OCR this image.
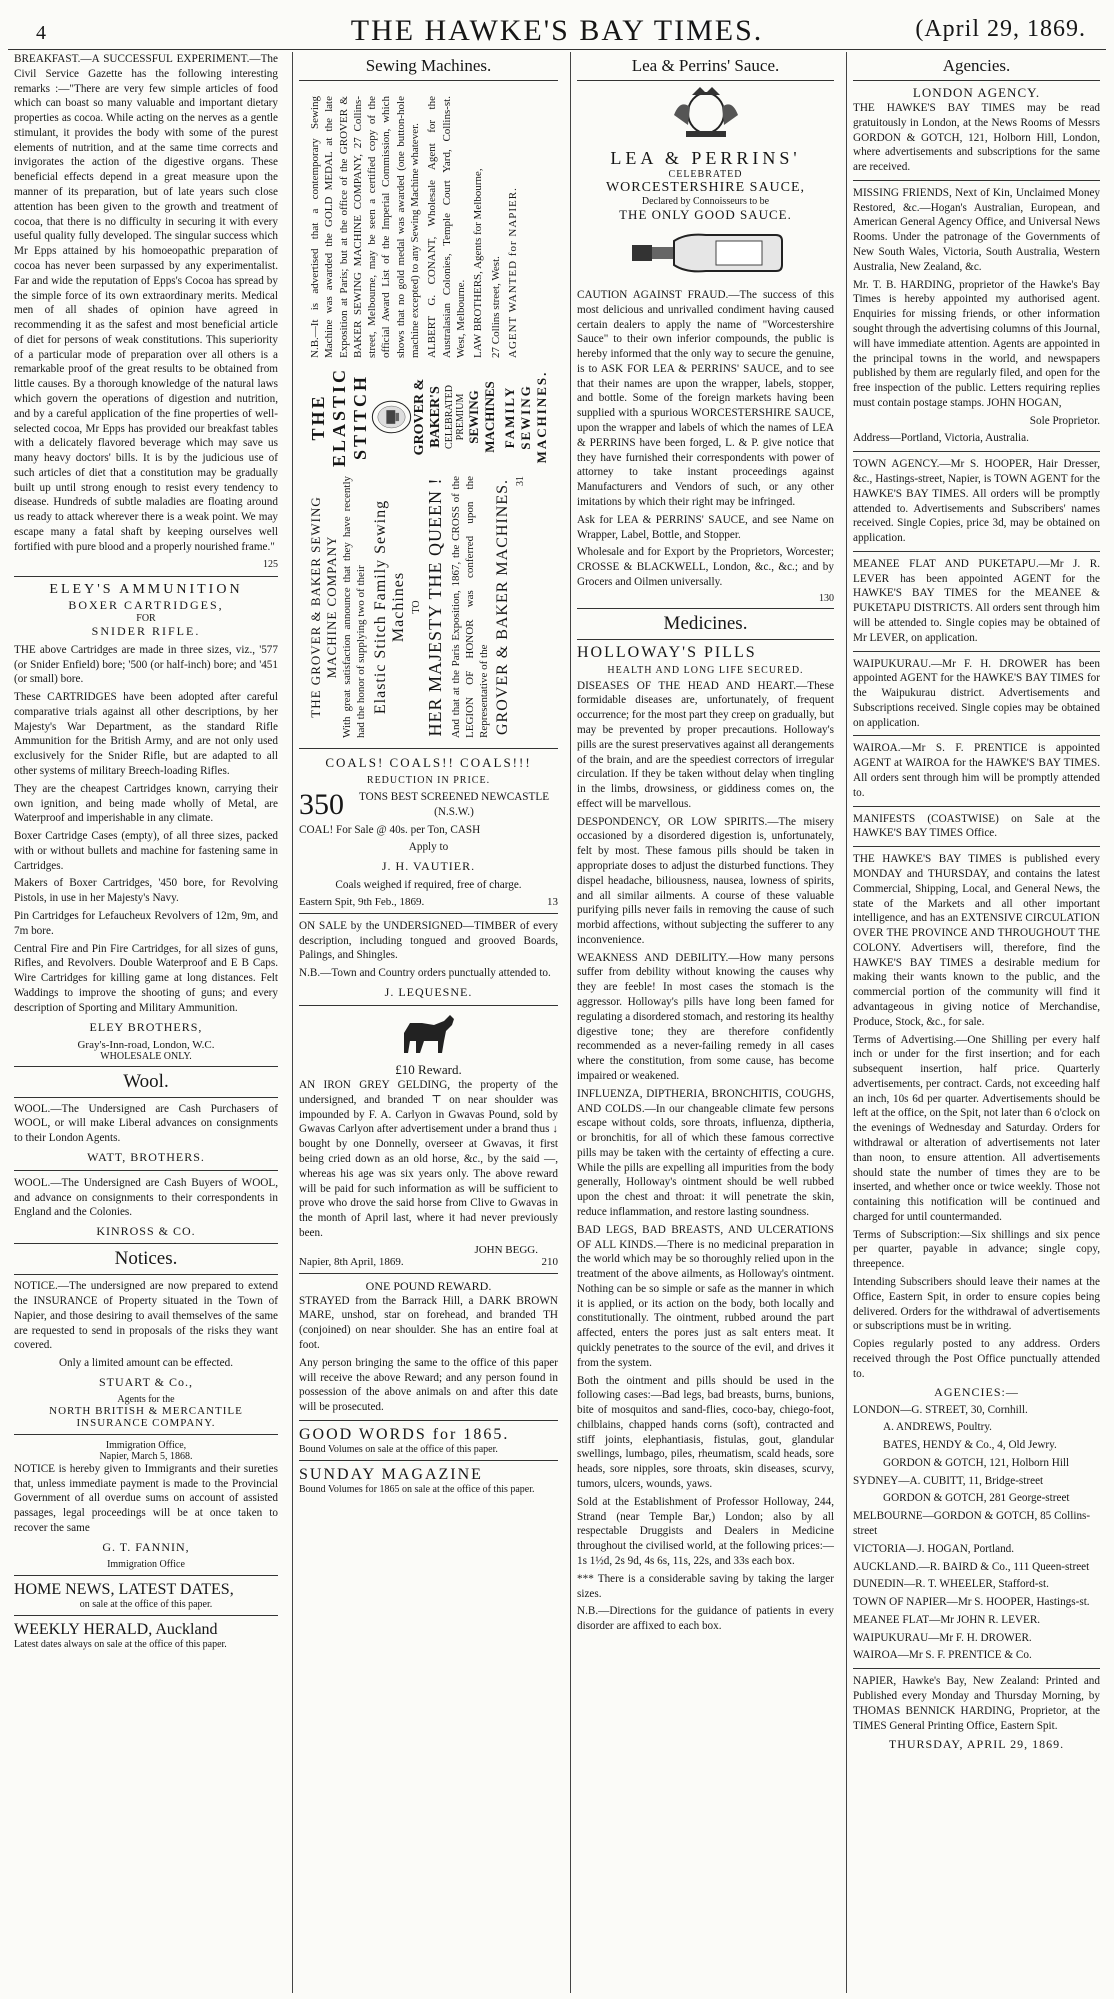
4	THE HAWKE'S BAY TIMES.	(April 29, 1869.

BREAKFAST.—A SUCCESSFUL EXPERIMENT.—The Civil Service Gazette has the following interesting remarks :—"There are very few simple articles of food which can boast so many valuable and important dietary properties as cocoa. While acting on the nerves as a gentle stimulant, it provides the body with some of the purest elements of nutrition, and at the same time corrects and invigorates the action of the digestive organs. These beneficial effects depend in a great measure upon the manner of its preparation, but of late years such close attention has been given to the growth and treatment of cocoa, that there is no difficulty in securing it with every useful quality fully developed. The singular success which Mr Epps attained by his homoeopathic preparation of cocoa has never been surpassed by any experimentalist. Far and wide the reputation of Epps's Cocoa has spread by the simple force of its own extraordinary merits. Medical men of all shades of opinion have agreed in recommending it as the safest and most beneficial article of diet for persons of weak constitutions. This superiority of a particular mode of preparation over all others is a remarkable proof of the great results to be obtained from little causes. By a thorough knowledge of the natural laws which govern the operations of digestion and nutrition, and by a careful application of the fine properties of well-selected cocoa, Mr Epps has provided our breakfast tables with a delicately flavored beverage which may save us many heavy doctors' bills. It is by the judicious use of such articles of diet that a constitution may be gradually built up until strong enough to resist every tendency to disease. Hundreds of subtle maladies are floating around us ready to attack wherever there is a weak point. We may escape many a fatal shaft by keeping ourselves well fortified with pure blood and a properly nourished frame."

125

ELEY'S AMMUNITION
BOXER CARTRIDGES,
FOR
SNIDER RIFLE.

THE above Cartridges are made in three sizes, viz., '577 (or Snider Enfield) bore; '500 (or half-inch) bore; and '451 (or small) bore.

These CARTRIDGES have been adopted after careful comparative trials against all other descriptions, by her Majesty's War Department, as the standard Rifle Ammunition for the British Army, and are not only used exclusively for the Snider Rifle, but are adapted to all other systems of military Breech-loading Rifles.

They are the cheapest Cartridges known, carrying their own ignition, and being made wholly of Metal, are Waterproof and imperishable in any climate.

Boxer Cartridge Cases (empty), of all three sizes, packed with or without bullets and machine for fastening same in Cartridges.

Makers of Boxer Cartridges, '450 bore, for Revolving Pistols, in use in her Majesty's Navy.

Pin Cartridges for Lefaucheux Revolvers of 12m, 9m, and 7m bore.

Central Fire and Pin Fire Cartridges, for all sizes of guns, Rifles, and Revolvers. Double Waterproof and E B Caps. Wire Cartridges for killing game at long distances. Felt Waddings to improve the shooting of guns; and every description of Sporting and Military Ammunition.

ELEY BROTHERS,
Gray's-Inn-road, London, W.C.
WHOLESALE ONLY.
Wool.

WOOL.—The Undersigned are Cash Purchasers of WOOL, or will make Liberal advances on consignments to their London Agents.

WATT, BROTHERS.

WOOL.—The Undersigned are Cash Buyers of WOOL, and advance on consignments to their correspondents in England and the Colonies.

KINROSS & CO.
Notices.

NOTICE.—The undersigned are now prepared to extend the INSURANCE of Property situated in the Town of Napier, and those desiring to avail themselves of the same are requested to send in proposals of the risks they want covered.

Only a limited amount can be effected.

STUART & Co.,
Agents for the
NORTH BRITISH & MERCANTILE INSURANCE COMPANY.
Immigration Office,
Napier, March 5, 1868.

NOTICE is hereby given to Immigrants and their sureties that, unless immediate payment is made to the Provincial Government of all overdue sums on account of assisted passages, legal proceedings will be at once taken to recover the same

G. T. FANNIN,
Immigration Office
HOME NEWS, LATEST DATES,
on sale at the office of this paper.
WEEKLY HERALD, Auckland
Latest dates always on sale at the office of this paper.
Sewing Machines.
THE GROVER & BAKER SEWING MACHINE COMPANY With great satisfaction announce that they have recently had the honor of supplying two of their Elastic Stitch Family Sewing Machines TO HER MAJESTY THE QUEEN ! And that at the Paris Exposition, 1867, the CROSS of the LEGION OF HONOR was conferred upon the Representative of the GROVER & BAKER MACHINES. 31
THE ELASTIC STITCH	GROVER & BAKER'S CELEBRATED PREMIUM SEWING MACHINES FAMILY SEWING MACHINES.

N.B.—It is advertised that a contemporary Sewing Machine was awarded the GOLD MEDAL at the late Exposition at Paris; but at the office of the GROVER & BAKER SEWING MACHINE COMPANY, 27 Collins-street, Melbourne, may be seen a certified copy of the official Award List of the Imperial Commission, which shows that no gold medal was awarded (one button-hole machine excepted) to any Sewing Machine whatever. ALBERT G. CONANT, Wholesale Agent for the Australasian Colonies, Temple Court Yard, Collins-st. West, Melbourne. LAW BROTHERS, Agents for Melbourne, 27 Collins street, West. AGENT WANTED for NAPIER.

COALS! COALS!! COALS!!!
REDUCTION IN PRICE.
350	TONS BEST SCREENED NEWCASTLE (N.S.W.)

COAL! For Sale @ 40s. per Ton, CASH

Apply to

J. H. VAUTIER.

Coals weighed if required, free of charge.

Eastern Spit, 9th Feb., 1869.	13

ON SALE by the UNDERSIGNED—TIMBER of every description, including tongued and grooved Boards, Palings, and Shingles.

N.B.—Town and Country orders punctually attended to.

J. LEQUESNE.
£10 Reward.

AN IRON GREY GELDING, the property of the undersigned, and branded ⊤ on near shoulder was impounded by F. A. Carlyon in Gwavas Pound, sold by Gwavas Carlyon after advertisement under a brand thus ↓ bought by one Donnelly, overseer at Gwavas, it first being cried down as an old horse, &c., by the said —, whereas his age was six years only. The above reward will be paid for such information as will be sufficient to prove who drove the said horse from Clive to Gwavas in the month of April last, where it had never previously been.

JOHN BEGG.
Napier, 8th April, 1869.	210
ONE POUND REWARD.

STRAYED from the Barrack Hill, a DARK BROWN MARE, unshod, star on forehead, and branded TH (conjoined) on near shoulder. She has an entire foal at foot.

Any person bringing the same to the office of this paper will receive the above Reward; and any person found in possession of the above animals on and after this date will be prosecuted.

GOOD WORDS for 1865.
Bound Volumes on sale at the office of this paper.
SUNDAY MAGAZINE
Bound Volumes for 1865 on sale at the office of this paper.
Lea & Perrins' Sauce.
LEA & PERRINS'
CELEBRATED
WORCESTERSHIRE SAUCE,
Declared by Connoisseurs to be
THE ONLY GOOD SAUCE.

CAUTION AGAINST FRAUD.—The success of this most delicious and unrivalled condiment having caused certain dealers to apply the name of "Worcestershire Sauce" to their own inferior compounds, the public is hereby informed that the only way to secure the genuine, is to ASK FOR LEA & PERRINS' SAUCE, and to see that their names are upon the wrapper, labels, stopper, and bottle. Some of the foreign markets having been supplied with a spurious WORCESTERSHIRE SAUCE, upon the wrapper and labels of which the names of LEA & PERRINS have been forged, L. & P. give notice that they have furnished their correspondents with power of attorney to take instant proceedings against Manufacturers and Vendors of such, or any other imitations by which their right may be infringed.

Ask for LEA & PERRINS' SAUCE, and see Name on Wrapper, Label, Bottle, and Stopper.

Wholesale and for Export by the Proprietors, Worcester; CROSSE & BLACKWELL, London, &c., &c.; and by Grocers and Oilmen universally.

130
Medicines.
HOLLOWAY'S PILLS
HEALTH AND LONG LIFE SECURED.

DISEASES OF THE HEAD AND HEART.—These formidable diseases are, unfortunately, of frequent occurrence; for the most part they creep on gradually, but may be prevented by proper precautions. Holloway's pills are the surest preservatives against all derangements of the brain, and are the speediest correctors of irregular circulation. If they be taken without delay when tingling in the limbs, drowsiness, or giddiness comes on, the effect will be marvellous.

DESPONDENCY, OR LOW SPIRITS.—The misery occasioned by a disordered digestion is, unfortunately, felt by most. These famous pills should be taken in appropriate doses to adjust the disturbed functions. They dispel headache, biliousness, nausea, lowness of spirits, and all similar ailments. A course of these valuable purifying pills never fails in removing the cause of such morbid affections, without subjecting the sufferer to any inconvenience.

WEAKNESS AND DEBILITY.—How many persons suffer from debility without knowing the causes why they are feeble! In most cases the stomach is the aggressor. Holloway's pills have long been famed for regulating a disordered stomach, and restoring its healthy digestive tone; they are therefore confidently recommended as a never-failing remedy in all cases where the constitution, from some cause, has become impaired or weakened.

INFLUENZA, DIPTHERIA, BRONCHITIS, COUGHS, AND COLDS.—In our changeable climate few persons escape without colds, sore throats, influenza, diptheria, or bronchitis, for all of which these famous corrective pills may be taken with the certainty of effecting a cure. While the pills are expelling all impurities from the body generally, Holloway's ointment should be well rubbed upon the chest and throat: it will penetrate the skin, reduce inflammation, and restore lasting soundness.

BAD LEGS, BAD BREASTS, AND ULCERATIONS OF ALL KINDS.—There is no medicinal preparation in the world which may be so thoroughly relied upon in the treatment of the above ailments, as Holloway's ointment. Nothing can be so simple or safe as the manner in which it is applied, or its action on the body, both locally and constitutionally. The ointment, rubbed around the part affected, enters the pores just as salt enters meat. It quickly penetrates to the source of the evil, and drives it from the system.

Both the ointment and pills should be used in the following cases:—Bad legs, bad breasts, burns, bunions, bite of mosquitos and sand-flies, coco-bay, chiego-foot, chilblains, chapped hands corns (soft), contracted and stiff joints, elephantiasis, fistulas, gout, glandular swellings, lumbago, piles, rheumatism, scald heads, sore heads, sore nipples, sore throats, skin diseases, scurvy, tumors, ulcers, wounds, yaws.

Sold at the Establishment of Professor Holloway, 244, Strand (near Temple Bar,) London; also by all respectable Druggists and Dealers in Medicine throughout the civilised world, at the following prices:—1s 1½d, 2s 9d, 4s 6s, 11s, 22s, and 33s each box.

*** There is a considerable saving by taking the larger sizes.

N.B.—Directions for the guidance of patients in every disorder are affixed to each box.

Agencies.
LONDON AGENCY.

THE HAWKE'S BAY TIMES may be read gratuitously in London, at the News Rooms of Messrs GORDON & GOTCH, 121, Holborn Hill, London, where advertisements and subscriptions for the same are received.

MISSING FRIENDS, Next of Kin, Unclaimed Money Restored, &c.—Hogan's Australian, European, and American General Agency Office, and Universal News Rooms. Under the patronage of the Governments of New South Wales, Victoria, South Australia, Western Australia, New Zealand, &c.

Mr. T. B. HARDING, proprietor of the Hawke's Bay Times is hereby appointed my authorised agent. Enquiries for missing friends, or other information sought through the advertising columns of this Journal, will have immediate attention. Agents are appointed in the principal towns in the world, and newspapers published by them are regularly filed, and open for the free inspection of the public. Letters requiring replies must contain postage stamps. JOHN HOGAN,

Sole Proprietor.

Address—Portland, Victoria, Australia.

TOWN AGENCY.—Mr S. HOOPER, Hair Dresser, &c., Hastings-street, Napier, is TOWN AGENT for the HAWKE'S BAY TIMES. All orders will be promptly attended to. Advertisements and Subscribers' names received. Single Copies, price 3d, may be obtained on application.

MEANEE FLAT AND PUKETAPU.—Mr J. R. LEVER has been appointed AGENT for the HAWKE'S BAY TIMES for the MEANEE & PUKETAPU DISTRICTS. All orders sent through him will be attended to. Single copies may be obtained of Mr LEVER, on application.

WAIPUKURAU.—Mr F. H. DROWER has been appointed AGENT for the HAWKE'S BAY TIMES for the Waipukurau district. Advertisements and Subscriptions received. Single copies may be obtained on application.

WAIROA.—Mr S. F. PRENTICE is appointed AGENT at WAIROA for the HAWKE'S BAY TIMES. All orders sent through him will be promptly attended to.

MANIFESTS (COASTWISE) on Sale at the HAWKE'S BAY TIMES Office.

THE HAWKE'S BAY TIMES is published every MONDAY and THURSDAY, and contains the latest Commercial, Shipping, Local, and General News, the state of the Markets and all other important intelligence, and has an EXTENSIVE CIRCULATION OVER THE PROVINCE AND THROUGHOUT THE COLONY. Advertisers will, therefore, find the HAWKE'S BAY TIMES a desirable medium for making their wants known to the public, and the commercial portion of the community will find it advantageous in giving notice of Merchandise, Produce, Stock, &c., for sale.

Terms of Advertising.—One Shilling per every half inch or under for the first insertion; and for each subsequent insertion, half price. Quarterly advertisements, per contract. Cards, not exceeding half an inch, 10s 6d per quarter. Advertisements should be left at the office, on the Spit, not later than 6 o'clock on the evenings of Wednesday and Saturday. Orders for withdrawal or alteration of advertisements not later than noon, to ensure attention. All advertisements should state the number of times they are to be inserted, and whether once or twice weekly. Those not containing this notification will be continued and charged for until countermanded.

Terms of Subscription:—Six shillings and six pence per quarter, payable in advance; single copy, threepence.

Intending Subscribers should leave their names at the Office, Eastern Spit, in order to ensure copies being delivered. Orders for the withdrawal of advertisements or subscriptions must be in writing.

Copies regularly posted to any address. Orders received through the Post Office punctually attended to.

AGENCIES:—

LONDON—G. STREET, 30, Cornhill.

A. ANDREWS, Poultry.

BATES, HENDY & Co., 4, Old Jewry.

GORDON & GOTCH, 121, Holborn Hill

SYDNEY—A. CUBITT, 11, Bridge-street

GORDON & GOTCH, 281 George-street

MELBOURNE—GORDON & GOTCH, 85 Collins-street

VICTORIA—J. HOGAN, Portland.

AUCKLAND.—R. BAIRD & Co., 111 Queen-street

DUNEDIN—R. T. WHEELER, Stafford-st.

TOWN OF NAPIER—Mr S. HOOPER, Hastings-st.

MEANEE FLAT—Mr JOHN R. LEVER.

WAIPUKURAU—Mr F. H. DROWER.

WAIROA—Mr S. F. PRENTICE & Co.

NAPIER, Hawke's Bay, New Zealand: Printed and Published every Monday and Thursday Morning, by THOMAS BENNICK HARDING, Proprietor, at the TIMES General Printing Office, Eastern Spit.

THURSDAY, APRIL 29, 1869.
